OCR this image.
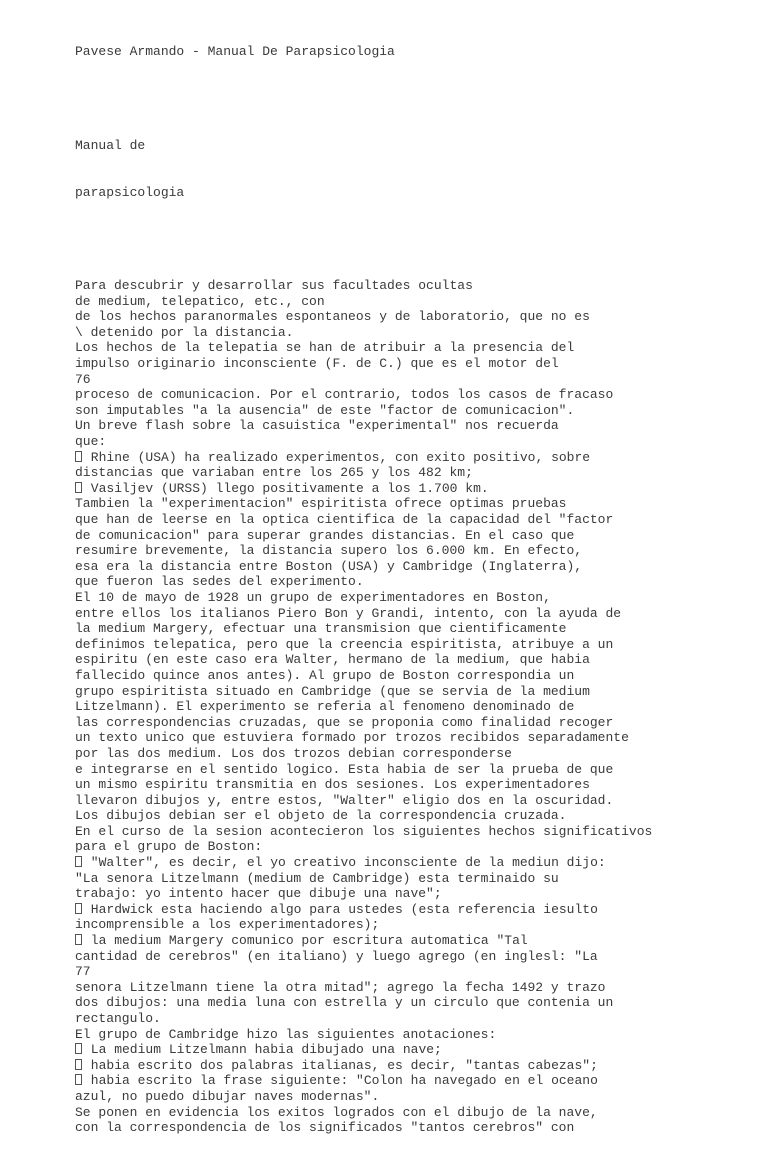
Pavese Armando - Manual De Parapsicologia

Manual de

parapsicologia

Para descubrir y desarrollar sus facultades ocultas
de medium, telepatico, etc., con
de los hechos paranormales espontaneos y de laboratorio, que no es
\ detenido por la distancia.
Los hechos de la telepatia se han de atribuir a la presencia del
impulso originario inconsciente (F. de C.) que es el motor del
76
proceso de comunicacion. Por el contrario, todos los casos de fracaso
son imputables "a la ausencia" de este "factor de comunicacion".
Un breve flash sobre la casuistica "experimental" nos recuerda
que:
Rhine (USA) ha realizado experimentos, con exito positivo, sobre
distancias que variaban entre los 265 y los 482 km;
Vasiljev (URSS) llego positivamente a los 1.700 km.
Tambien la "experimentacion" espiritista ofrece optimas pruebas
que han de leerse en la optica cientifica de la capacidad del "factor
de comunicacion" para superar grandes distancias. En el caso que
resumire brevemente, la distancia supero los 6.000 km. En efecto,
esa era la distancia entre Boston (USA) y Cambridge (Inglaterra),
que fueron las sedes del experimento.
El 10 de mayo de 1928 un grupo de experimentadores en Boston,
entre ellos los italianos Piero Bon y Grandi, intento, con la ayuda de
la medium Margery, efectuar una transmision que cientificamente
definimos telepatica, pero que la creencia espiritista, atribuye a un
espiritu (en este caso era Walter, hermano de la medium, que habia
fallecido quince anos antes). Al grupo de Boston correspondia un
grupo espiritista situado en Cambridge (que se servia de la medium
Litzelmann). El experimento se referia al fenomeno denominado de
las correspondencias cruzadas, que se proponia como finalidad recoger
un texto unico que estuviera formado por trozos recibidos separadamente
por las dos medium. Los dos trozos debian corresponderse
e integrarse en el sentido logico. Esta habia de ser la prueba de que
un mismo espiritu transmitia en dos sesiones. Los experimentadores
llevaron dibujos y, entre estos, "Walter" eligio dos en la oscuridad.
Los dibujos debian ser el objeto de la correspondencia cruzada.
En el curso de la sesion acontecieron los siguientes hechos significativos
para el grupo de Boston:
"Walter", es decir, el yo creativo inconsciente de la mediun dijo:
"La senora Litzelmann (medium de Cambridge) esta terminaido su
trabajo: yo intento hacer que dibuje una nave";
Hardwick esta haciendo algo para ustedes (esta referencia iesulto
incomprensible a los experimentadores);
la medium Margery comunico por escritura automatica "Tal
cantidad de cerebros" (en italiano) y luego agrego (en inglesl: "La
77
senora Litzelmann tiene la otra mitad"; agrego la fecha 1492 y trazo
dos dibujos: una media luna con estrella y un circulo que contenia un
rectangulo.
El grupo de Cambridge hizo las siguientes anotaciones:
La medium Litzelmann habia dibujado una nave;
habia escrito dos palabras italianas, es decir, "tantas cabezas";
habia escrito la frase siguiente: "Colon ha navegado en el oceano
azul, no puedo dibujar naves modernas".
Se ponen en evidencia los exitos logrados con el dibujo de la nave,
con la correspondencia de los significados "tantos cerebros" con
